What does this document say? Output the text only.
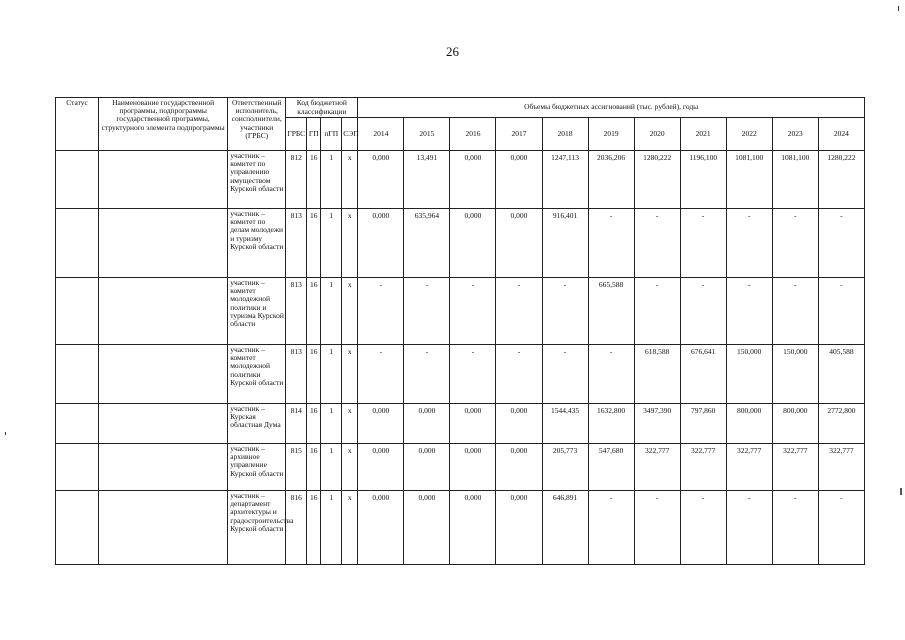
26
Статус	Наименование государственной программы, подпрограммы государственной программы, структурного элемента подпрограммы	Ответственный исполнитель, соисполнители, участники (ГРБС)	Код бюджетной классификации				Объемы бюджетных ассигнований (тыс. рублей), годы										
			ГРБС	ГП	пГП	СЭП	2014	2015	2016	2017	2018	2019	2020	2021	2022	2023	2024
		участник – комитет по управлению имуществом Курской области	812	16	1	х	0,000	13,491	0,000	0,000	1247,113	2036,206	1280,222	1196,100	1081,100	1081,100	1280,222
		участник – комитет по делам молодежи и туризму Курской области	813	16	1	х	0,000	635,964	0,000	0,000	916,401	-	-	-	-	-	-
		участник – комитет молодежной политики и туризма Курской области	813	16	1	х	-	-	-	-	-	665,588	-	-	-	-	-
		участник – комитет молодежной политики Курской области	813	16	1	х	-	-	-	-	-	-	618,588	676,641	150,000	150,000	405,588
		участник – Курская областная Дума	814	16	1	х	0,000	0,000	0,000	0,000	1544,435	1632,800	3497,390	797,860	800,000	800,000	2772,800
		участник – архивное управление Курской области	815	16	1	х	0,000	0,000	0,000	0,000	205,773	547,680	322,777	322,777	322,777	322,777	322,777
		участник – департамент архитектуры и градостроительства Курской области	816	16	1	х	0,000	0,000	0,000	0,000	646,891	-	-	-	-	-	-
